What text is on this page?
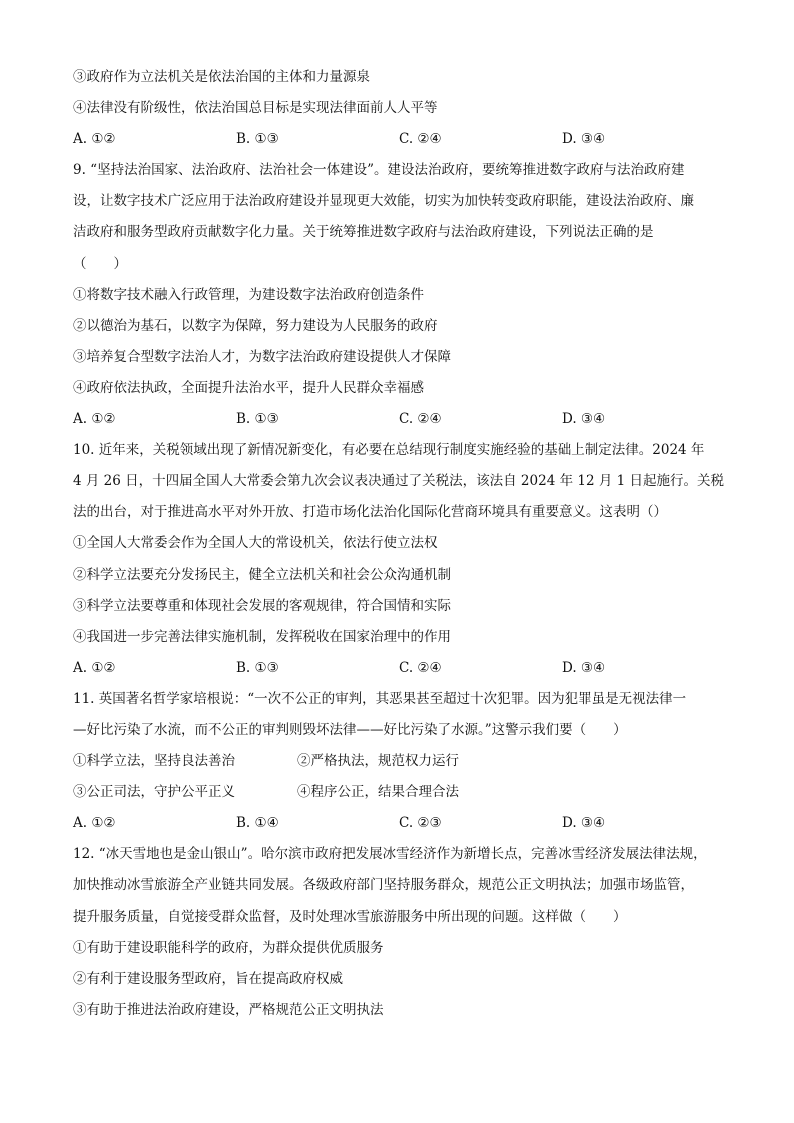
③政府作为立法机关是依法治国的主体和力量源泉
④法律没有阶级性，依法治国总目标是实现法律面前人人平等
A. ①②	B. ①③	C. ②④	D. ③④
9. “坚持法治国家、法治政府、法治社会一体建设”。建设法治政府，要统筹推进数字政府与法治政府建
设，让数字技术广泛应用于法治政府建设并显现更大效能，切实为加快转变政府职能，建设法治政府、廉
洁政府和服务型政府贡献数字化力量。关于统筹推进数字政府与法治政府建设，下列说法正确的是
（　　）
①将数字技术融入行政管理，为建设数字法治政府创造条件
②以德治为基石，以数字为保障，努力建设为人民服务的政府
③培养复合型数字法治人才，为数字法治政府建设提供人才保障
④政府依法执政，全面提升法治水平，提升人民群众幸福感
A. ①②	B. ①③	C. ②④	D. ③④
10. 近年来，关税领域出现了新情况新变化，有必要在总结现行制度实施经验的基础上制定法律。2024 年
4 月 26 日，十四届全国人大常委会第九次会议表决通过了关税法，该法自 2024 年 12 月 1 日起施行。关税
法的出台，对于推进高水平对外开放、打造市场化法治化国际化营商环境具有重要意义。这表明（）
①全国人大常委会作为全国人大的常设机关，依法行使立法权
②科学立法要充分发扬民主，健全立法机关和社会公众沟通机制
③科学立法要尊重和体现社会发展的客观规律，符合国情和实际
④我国进一步完善法律实施机制，发挥税收在国家治理中的作用
A. ①②	B. ①③	C. ②④	D. ③④
11. 英国著名哲学家培根说：“一次不公正的审判，其恶果甚至超过十次犯罪。因为犯罪虽是无视法律一
—好比污染了水流，而不公正的审判则毁坏法律——好比污染了水源。”这警示我们要（　　）
①科学立法，坚持良法善治	②严格执法，规范权力运行
③公正司法，守护公平正义	④程序公正，结果合理合法
A. ①②	B. ①④	C. ②③	D. ③④
12. “冰天雪地也是金山银山”。哈尔滨市政府把发展冰雪经济作为新增长点，完善冰雪经济发展法律法规，
加快推动冰雪旅游全产业链共同发展。各级政府部门坚持服务群众，规范公正文明执法；加强市场监管，
提升服务质量，自觉接受群众监督，及时处理冰雪旅游服务中所出现的问题。这样做（　　）
①有助于建设职能科学的政府，为群众提供优质服务
②有利于建设服务型政府，旨在提高政府权威
③有助于推进法治政府建设，严格规范公正文明执法
